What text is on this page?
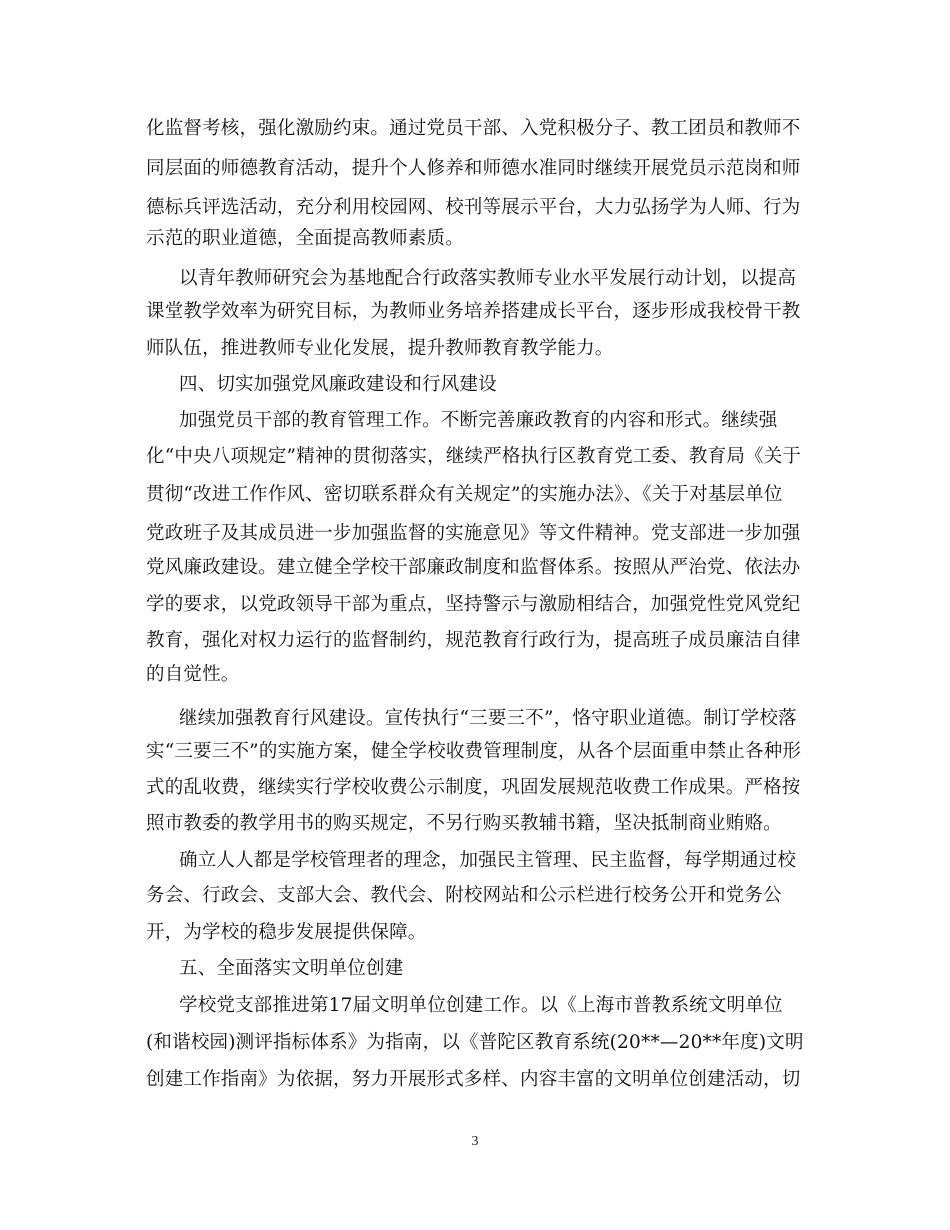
化监督考核，强化激励约束。通过党员干部、入党积极分子、教工团员和教师不
同层面的师德教育活动，提升个人修养和师德水准同时继续开展党员示范岗和师
德标兵评选活动，充分利用校园网、校刊等展示平台，大力弘扬学为人师、行为
示范的职业道德，全面提高教师素质。
以青年教师研究会为基地配合行政落实教师专业水平发展行动计划，以提高
课堂教学效率为研究目标，为教师业务培养搭建成长平台，逐步形成我校骨干教
师队伍，推进教师专业化发展，提升教师教育教学能力。
四、切实加强党风廉政建设和行风建设
加强党员干部的教育管理工作。不断完善廉政教育的内容和形式。继续强
化“中央八项规定”精神的贯彻落实，继续严格执行区教育党工委、教育局《关于
贯彻“改进工作作风、密切联系群众有关规定”的实施办法》、《关于对基层单位
党政班子及其成员进一步加强监督的实施意见》等文件精神。党支部进一步加强
党风廉政建设。建立健全学校干部廉政制度和监督体系。按照从严治党、依法办
学的要求，以党政领导干部为重点，坚持警示与激励相结合，加强党性党风党纪
教育，强化对权力运行的监督制约，规范教育行政行为，提高班子成员廉洁自律
的自觉性。
继续加强教育行风建设。宣传执行“三要三不”，恪守职业道德。制订学校落
实“三要三不”的实施方案，健全学校收费管理制度，从各个层面重申禁止各种形
式的乱收费，继续实行学校收费公示制度，巩固发展规范收费工作成果。严格按
照市教委的教学用书的购买规定，不另行购买教辅书籍，坚决抵制商业贿赂。
确立人人都是学校管理者的理念，加强民主管理、民主监督，每学期通过校
务会、行政会、支部大会、教代会、附校网站和公示栏进行校务公开和党务公
开，为学校的稳步发展提供保障。
五、全面落实文明单位创建
学校党支部推进第17届文明单位创建工作。以《上海市普教系统文明单位
(和谐校园)测评指标体系》为指南，以《普陀区教育系统(20**—20**年度)文明
创建工作指南》为依据，努力开展形式多样、内容丰富的文明单位创建活动，切
3
